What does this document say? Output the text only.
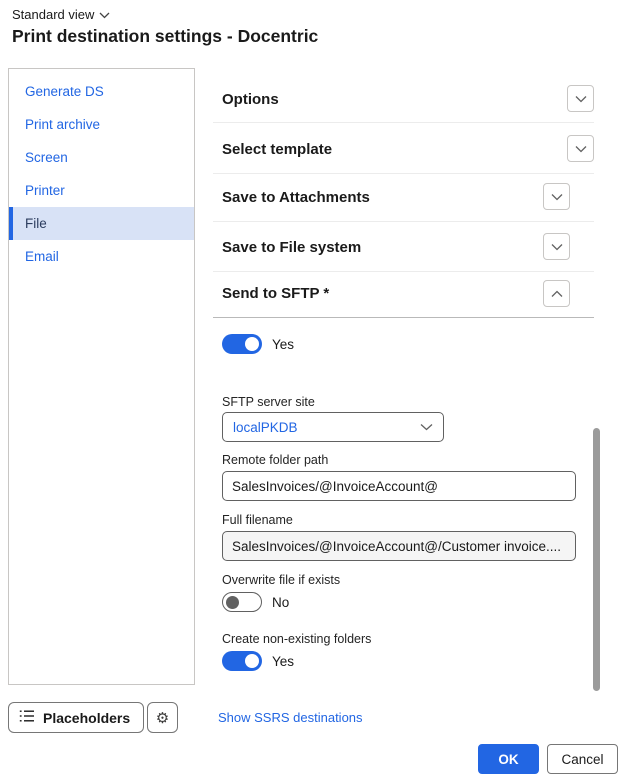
Standard view
Print destination settings - Docentric
Generate DS
Print archive
Screen
Printer
File
Email
Options
Select template
Save to Attachments
Save to File system
Send to SFTP *
Yes
SFTP server site
localPKDB
Remote folder path
SalesInvoices/@InvoiceAccount@
Full filename
SalesInvoices/@InvoiceAccount@/Customer invoice....
Overwrite file if exists
No
Create non-existing folders
Yes
Placeholders ⚙	Show SSRS destinations
OK	Cancel
